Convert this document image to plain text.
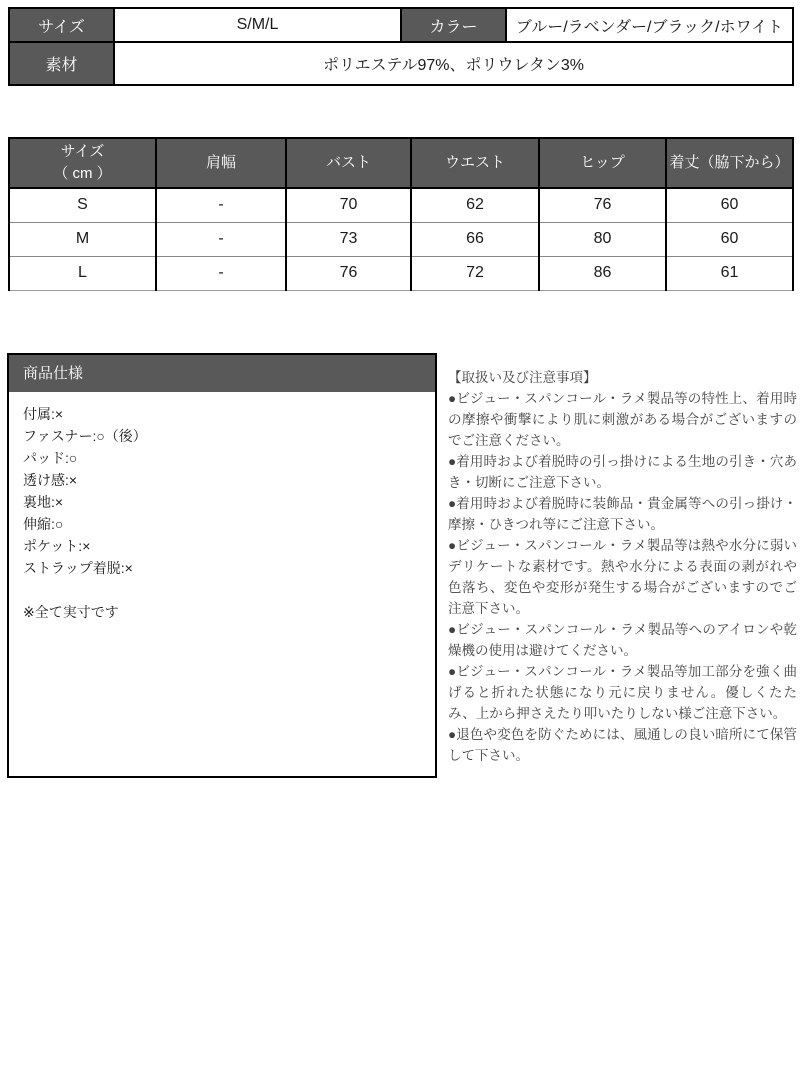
サイズ	S/M/L	カラー	ブルー/ラベンダー/ブラック/ホワイト
素材	ポリエステル97%、ポリウレタン3%		
サイズ
（ cm ）	肩幅	バスト	ウエスト	ヒップ	着丈（脇下から）
S	-	70	62	76	60
M	-	73	66	80	60
L	-	76	72	86	61
商品仕様
付属:×
ファスナー:○（後）
パッド:○
透け感:×
裏地:×
伸縮:○
ポケット:×
ストラップ着脱:×
※全て実寸です

【取扱い及び注意事項】

●ビジュー・スパンコール・ラメ製品等の特性上、着用時の摩擦や衝撃により肌に刺激がある場合がございますのでご注意ください。

●着用時および着脱時の引っ掛けによる生地の引き・穴あき・切断にご注意下さい。

●着用時および着脱時に装飾品・貴金属等への引っ掛け・摩擦・ひきつれ等にご注意下さい。

●ビジュー・スパンコール・ラメ製品等は熱や水分に弱いデリケートな素材です。熱や水分による表面の剥がれや色落ち、変色や変形が発生する場合がございますのでご注意下さい。

●ビジュー・スパンコール・ラメ製品等へのアイロンや乾燥機の使用は避けてください。

●ビジュー・スパンコール・ラメ製品等加工部分を強く曲げると折れた状態になり元に戻りません。優しくたたみ、上から押さえたり叩いたりしない様ご注意下さい。

●退色や変色を防ぐためには、風通しの良い暗所にて保管して下さい。
